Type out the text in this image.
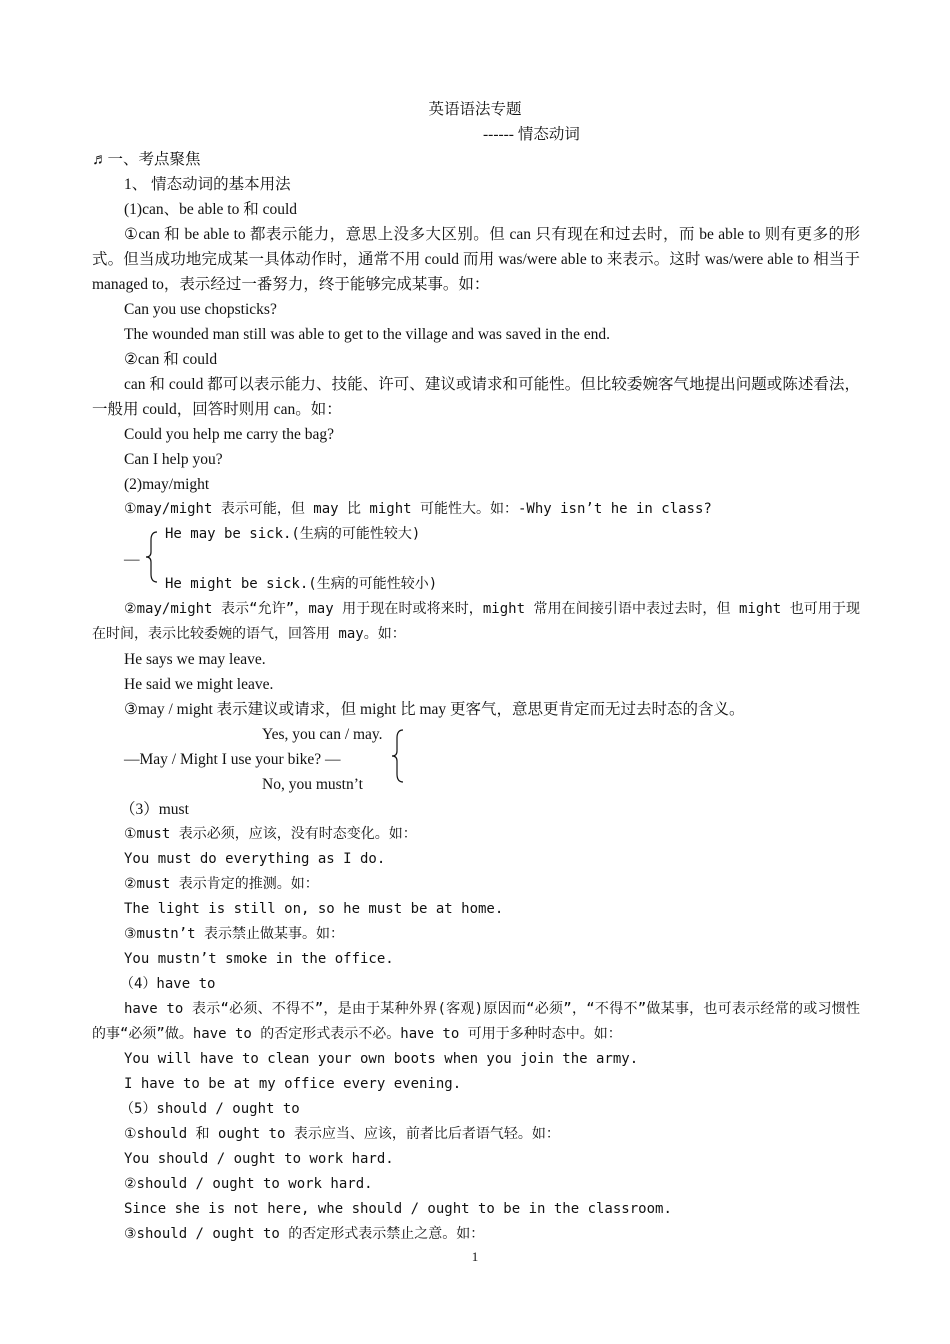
英语语法专题
------ 情态动词
♬一、考点聚焦
1、 情态动词的基本用法
(1)can、be able to 和 could
①can 和 be able to 都表示能力，意思上没多大区别。但 can 只有现在和过去时，而 be able to 则有更多的形式。但当成功地完成某一具体动作时，通常不用 could 而用 was/were able to 来表示。这时 was/were able to 相当于 managed to，表示经过一番努力，终于能够完成某事。如：
Can you use chopsticks?
The wounded man still was able to get to the village and was saved in the end.
②can 和 could
can 和 could 都可以表示能力、技能、许可、建议或请求和可能性。但比较委婉客气地提出问题或陈述看法，一般用 could，回答时则用 can。如：
Could you help me carry the bag?
Can I help you?
(2)may/might
①may/might 表示可能，但 may 比 might 可能性大。如：-Why isn’t he in class?
—
He may be sick.(生病的可能性较大)
He might be sick.(生病的可能性较小)
②may/might 表示“允许”，may 用于现在时或将来时，might 常用在间接引语中表过去时，但 might 也可用于现在时间，表示比较委婉的语气，回答用 may。如：
He says we may leave.
He said we might leave.
③may / might 表示建议或请求，但 might 比 may 更客气，意思更肯定而无过去时态的含义。
Yes, you can / may.
—May / Might I use your bike? —
No, you mustn’t
（3）must
①must 表示必须，应该，没有时态变化。如：
You must do everything as I do.
②must 表示肯定的推测。如：
The light is still on, so he must be at home.
③mustn’t 表示禁止做某事。如：
You mustn’t smoke in the office.
（4）have to
have to 表示“必须、不得不”，是由于某种外界(客观)原因而“必须”，“不得不”做某事，也可表示经常的或习惯性的事“必须”做。have to 的否定形式表示不必。have to 可用于多种时态中。如：
You will have to clean your own boots when you join the army.
I have to be at my office every evening.
（5）should / ought to
①should 和 ought to 表示应当、应该，前者比后者语气轻。如：
You should / ought to work hard.
②should / ought to work hard.
Since she is not here, whe should / ought to be in the classroom.
③should / ought to 的否定形式表示禁止之意。如：
1
